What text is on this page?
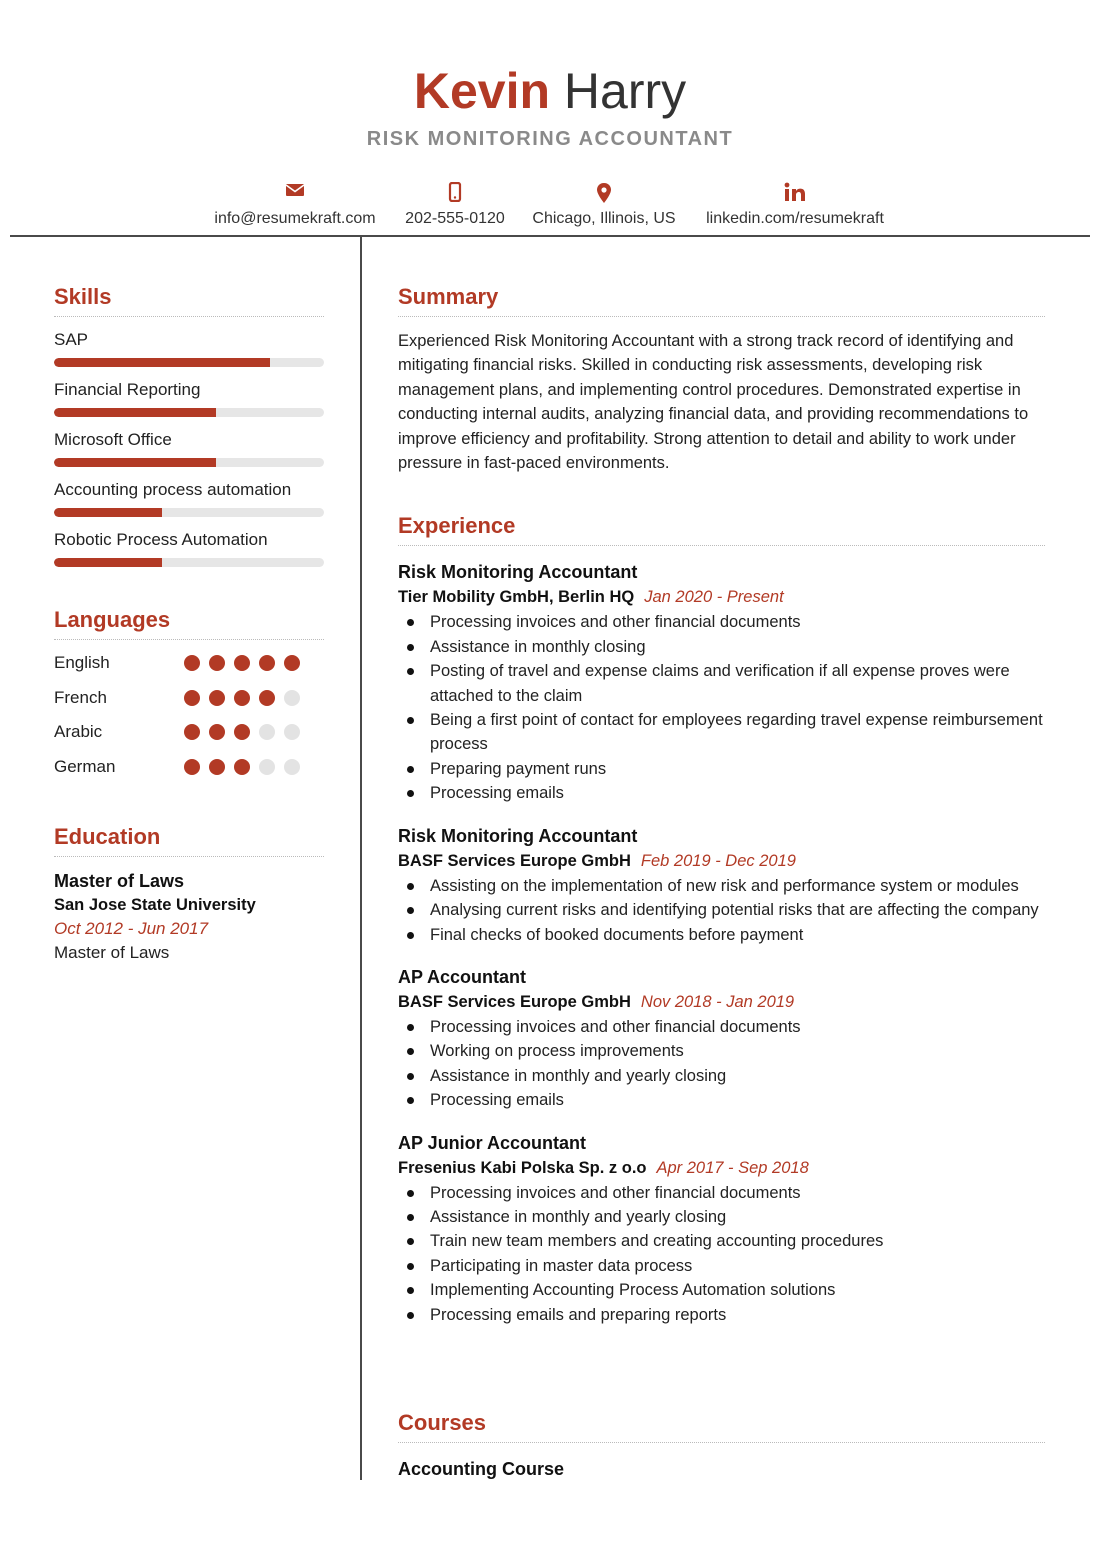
Kevin Harry
RISK MONITORING ACCOUNTANT
info@resumekraft.com	202-555-0120	Chicago, Illinois, US	linkedin.com/resumekraft
Skills
SAP
Financial Reporting
Microsoft Office
Accounting process automation
Robotic Process Automation
Languages
English
French
Arabic
German
Education
Master of Laws
San Jose State University
Oct 2012 - Jun 2017
Master of Laws
Summary
Experienced Risk Monitoring Accountant with a strong track record of identifying and mitigating financial risks. Skilled in conducting risk assessments, developing risk management plans, and implementing control procedures. Demonstrated expertise in conducting internal audits, analyzing financial data, and providing recommendations to improve efficiency and profitability. Strong attention to detail and ability to work under pressure in fast-paced environments.
Experience
Risk Monitoring Accountant
Tier Mobility GmbH, Berlin HQ Jan 2020 - Present
Processing invoices and other financial documents
Assistance in monthly closing
Posting of travel and expense claims and verification if all expense proves were attached to the claim
Being a first point of contact for employees regarding travel expense reimbursement process
Preparing payment runs
Processing emails
Risk Monitoring Accountant
BASF Services Europe GmbH Feb 2019 - Dec 2019
Assisting on the implementation of new risk and performance system or modules
Analysing current risks and identifying potential risks that are affecting the company
Final checks of booked documents before payment
AP Accountant
BASF Services Europe GmbH Nov 2018 - Jan 2019
Processing invoices and other financial documents
Working on process improvements
Assistance in monthly and yearly closing
Processing emails
AP Junior Accountant
Fresenius Kabi Polska Sp. z o.o Apr 2017 - Sep 2018
Processing invoices and other financial documents
Assistance in monthly and yearly closing
Train new team members and creating accounting procedures
Participating in master data process
Implementing Accounting Process Automation solutions
Processing emails and preparing reports
Courses
Accounting Course
